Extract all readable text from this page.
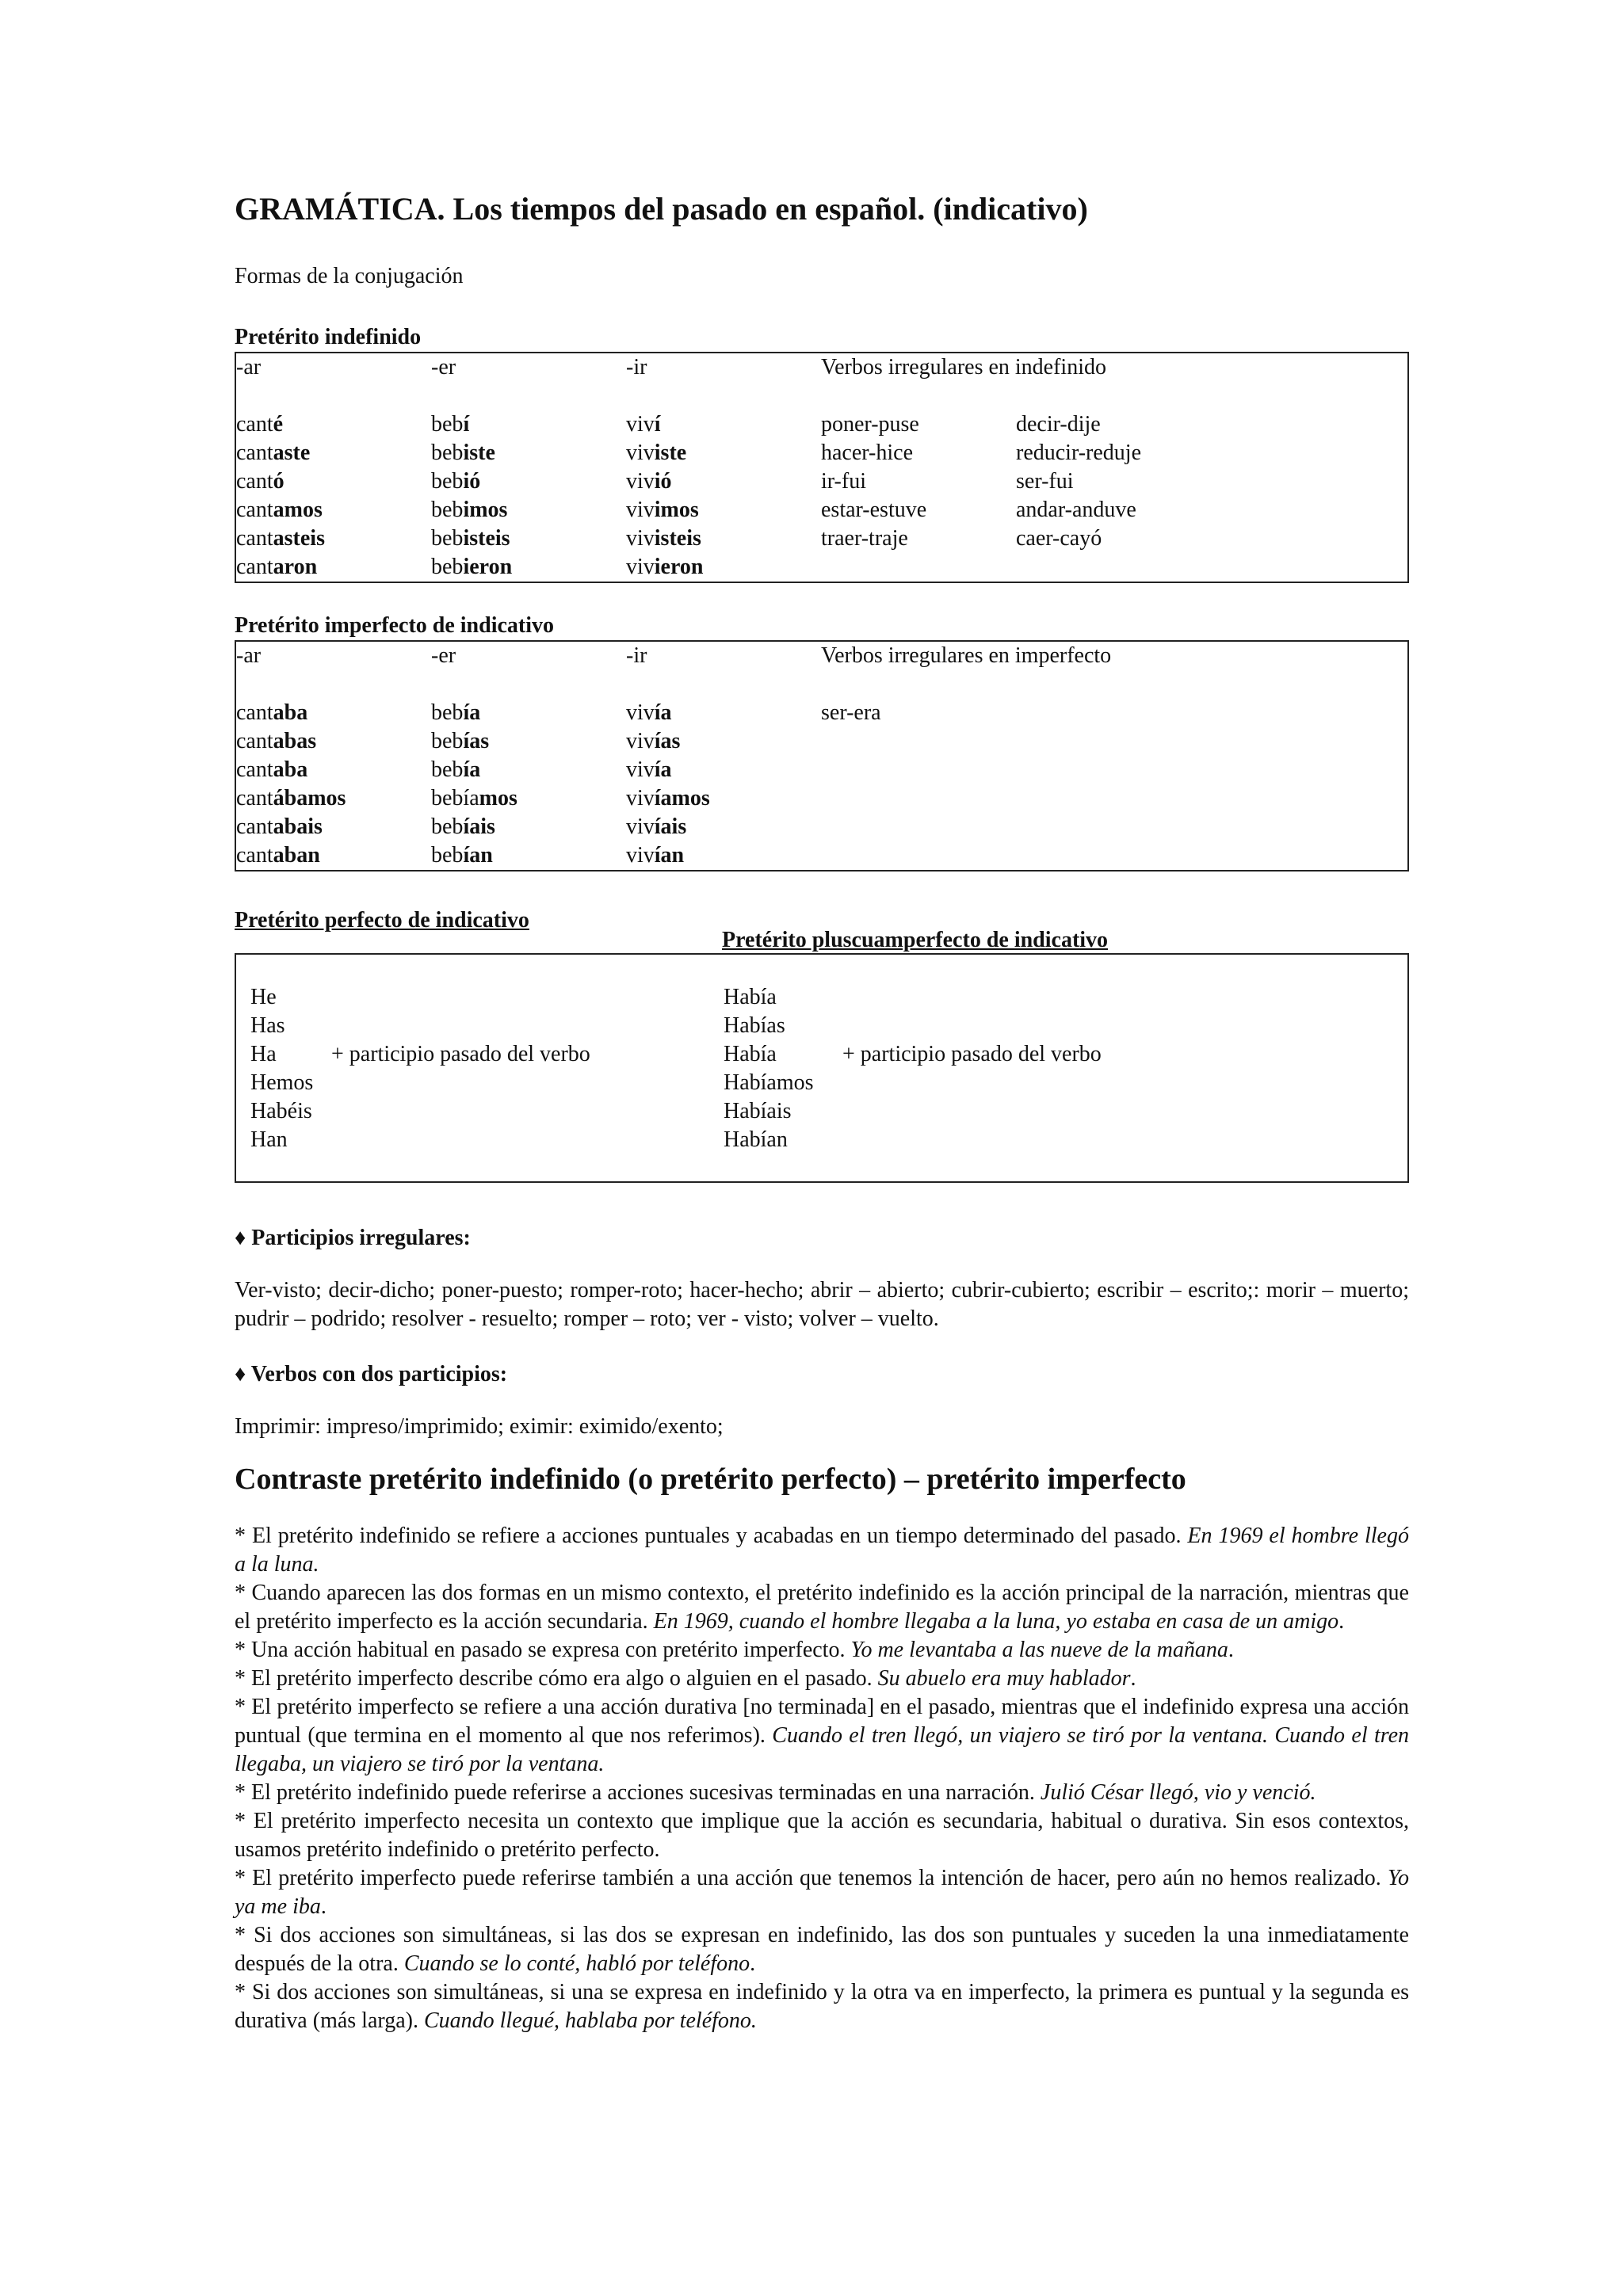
GRAMÁTICA. Los tiempos del pasado en español. (indicativo)
Formas de la conjugación
Pretérito indefinido
-ar	-er	-ir	Verbos irregulares en indefinido
canté	bebí	viví	poner-puse	decir-dije
cantaste	bebiste	viviste	hacer-hice	reducir-reduje
cantó	bebió	vivió	ir-fui	ser-fui
cantamos	bebimos	vivimos	estar-estuve	andar-anduve
cantasteis	bebisteis	vivisteis	traer-traje	caer-cayó
cantaron	bebieron	vivieron
Pretérito imperfecto de indicativo
-ar	-er	-ir	Verbos irregulares en imperfecto
cantaba	bebía	vivía	ser-era
cantabas	bebías	vivías
cantaba	bebía	vivía
cantábamos	bebíamos	vivíamos
cantabais	bebíais	vivíais
cantaban	bebían	vivían
Pretérito perfecto de indicativo
Pretérito pluscuamperfecto de indicativo
He
Has
Ha
Hemos
Habéis
Han
+ participio pasado del verbo
Había
Habías
Había
Habíamos
Habíais
Habían
+ participio pasado del verbo
♦ Participios irregulares:
Ver-visto; decir-dicho; poner-puesto; romper-roto; hacer-hecho; abrir – abierto; cubrir-cubierto; escribir – escrito;: morir – muerto; pudrir – podrido; resolver - resuelto; romper – roto; ver - visto; volver – vuelto.
♦ Verbos con dos participios:
Imprimir: impreso/imprimido; eximir: eximido/exento;
Contraste pretérito indefinido (o pretérito perfecto) – pretérito imperfecto

* El pretérito indefinido se refiere a acciones puntuales y acabadas en un tiempo determinado del pasado. En 1969 el hombre llegó a la luna.

* Cuando aparecen las dos formas en un mismo contexto, el pretérito indefinido es la acción principal de la narración, mientras que el pretérito imperfecto es la acción secundaria. En 1969, cuando el hombre llegaba a la luna, yo estaba en casa de un amigo.

* Una acción habitual en pasado se expresa con pretérito imperfecto. Yo me levantaba a las nueve de la mañana.

* El pretérito imperfecto describe cómo era algo o alguien en el pasado. Su abuelo era muy hablador.

* El pretérito imperfecto se refiere a una acción durativa [no terminada] en el pasado, mientras que el indefinido expresa una acción puntual (que termina en el momento al que nos referimos). Cuando el tren llegó, un viajero se tiró por la ventana. Cuando el tren llegaba, un viajero se tiró por la ventana.

* El pretérito indefinido puede referirse a acciones sucesivas terminadas en una narración. Julió César llegó, vio y venció.

* El pretérito imperfecto necesita un contexto que implique que la acción es secundaria, habitual o durativa. Sin esos contextos, usamos pretérito indefinido o pretérito perfecto.

* El pretérito imperfecto puede referirse también a una acción que tenemos la intención de hacer, pero aún no hemos realizado. Yo ya me iba.

* Si dos acciones son simultáneas, si las dos se expresan en indefinido, las dos son puntuales y suceden la una inmediatamente después de la otra. Cuando se lo conté, habló por teléfono.

* Si dos acciones son simultáneas, si una se expresa en indefinido y la otra va en imperfecto, la primera es puntual y la segunda es durativa (más larga). Cuando llegué, hablaba por teléfono.
